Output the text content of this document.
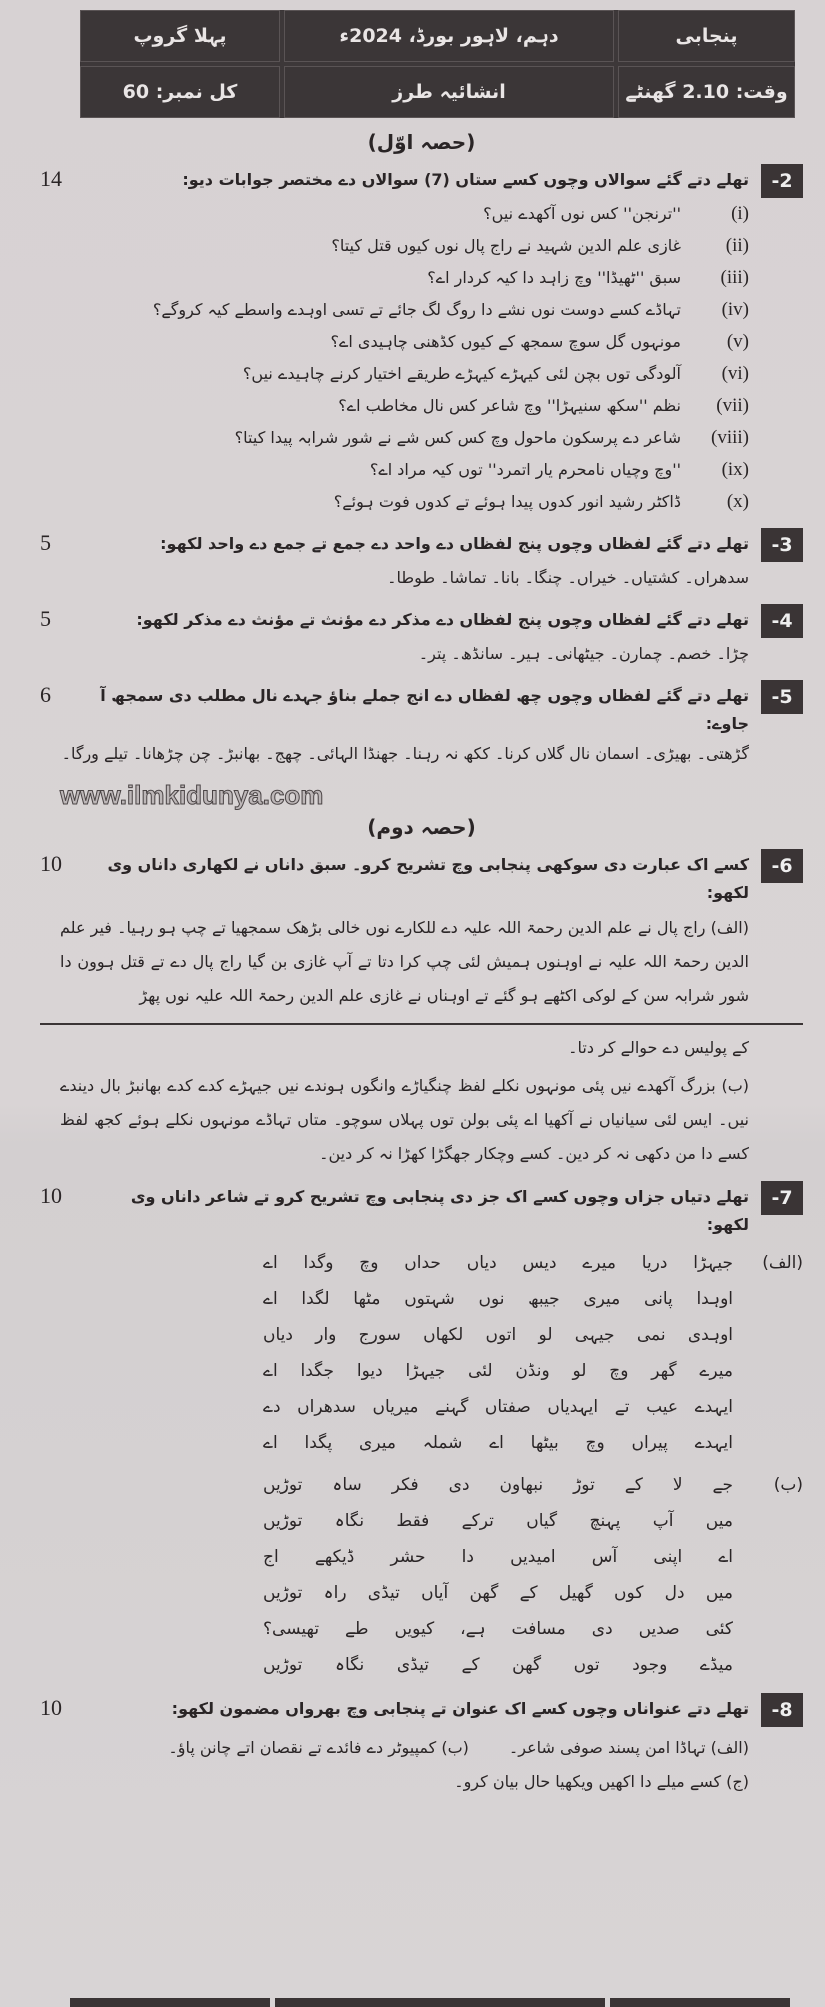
پہلا گروپ	دہم، لاہور بورڈ، 2024ء	پنجابی
کل نمبر: 60	انشائیہ طرز	وقت: 2.10 گھنٹے
(حصہ اوّل)
-2
تھلے دتے گئے سوالاں وچوں کسے ستاں (7) سوالاں دے مختصر جوابات دیو:
14
(i)
''ترنجن'' کس نوں آکھدے نیں؟
(ii)
غازی علم الدین شہید نے راج پال نوں کیوں قتل کیتا؟
(iii)
سبق ''ٹھیڈا'' وچ زاہد دا کیہ کردار اے؟
(iv)
تہاڈے کسے دوست نوں نشے دا روگ لگ جائے تے تسی اوہدے واسطے کیہ کروگے؟
(v)
مونہوں گل سوچ سمجھ کے کیوں کڈھنی چاہیدی اے؟
(vi)
آلودگی توں بچن لئی کیہڑے کیہڑے طریقے اختیار کرنے چاہیدے نیں؟
(vii)
نظم ''سکھ سنیہڑا'' وچ شاعر کس نال مخاطب اے؟
(viii)
شاعر دے پرسکون ماحول وچ کس کس شے نے شور شرابہ پیدا کیتا؟
(ix)
''وچ وچیاں نامحرم یار اتمرد'' توں کیہ مراد اے؟
(x)
ڈاکٹر رشید انور کدوں پیدا ہوئے تے کدوں فوت ہوئے؟
-3
تھلے دتے گئے لفظاں وچوں پنج لفظاں دے واحد دے جمع تے جمع دے واحد لکھو:
5
سدھراں۔ کشتیاں۔ خیراں۔ چنگا۔ بانا۔ تماشا۔ طوطا۔
-4
تھلے دتے گئے لفظاں وچوں پنج لفظاں دے مذکر دے مؤنث تے مؤنث دے مذکر لکھو:
5
چڑا۔ خصم۔ چمارن۔ جیٹھانی۔ ہیر۔ سانڈھ۔ پتر۔
-5
تھلے دتے گئے لفظاں وچوں چھ لفظاں دے انج جملے بناؤ جہدے نال مطلب دی سمجھ آ جاوے:
6
گڑھتی۔ بھیڑی۔ اسمان نال گلاں کرنا۔ ککھ نہ رہنا۔ جھنڈا الہائی۔ چھج۔ بھانبڑ۔ چن چڑھانا۔ تیلے ورگا۔
www.ilmkidunya.com
(حصہ دوم)
-6
کسے اک عبارت دی سوکھی پنجابی وچ تشریح کرو۔ سبق داناں نے لکھاری داناں وی لکھو:
10
(الف) راج پال نے علم الدین رحمۃ اللہ علیہ دے للکارے نوں خالی بڑھک سمجھیا تے چپ ہو رہیا۔ فیر علم الدین رحمۃ اللہ علیہ نے اوہنوں ہمیش لئی چپ کرا دتا تے آپ غازی بن گیا راج پال دے تے قتل ہوون دا شور شرابہ سن کے لوکی اکٹھے ہو گئے تے اوہناں نے غازی علم الدین رحمۃ اللہ علیہ نوں پھڑ
کے پولیس دے حوالے کر دتا۔
(ب) بزرگ آکھدے نیں پئی مونہوں نکلے لفظ چنگیاڑے وانگوں ہوندے نیں جیہڑے کدے کدے بھانبڑ بال دیندے نیں۔ ایس لئی سیانیاں نے آکھیا اے پئی بولن توں پہلاں سوچو۔ متاں تہاڈے مونہوں نکلے ہوئے کجھ لفظ کسے دا من دکھی نہ کر دین۔ کسے وچکار جھگڑا کھڑا نہ کر دین۔
-7
تھلے دتیاں جزاں وچوں کسے اک جز دی پنجابی وچ تشریح کرو تے شاعر داناں وی لکھو:
10
(الف)
جیہڑا دریا میرے دیس دیاں حداں وچ وگدا اے
اوہدا پانی میری جیبھ نوں شہتوں مٹھا لگدا اے
اوہدی نمی جیہی لو اتوں لکھاں سورج وار دیاں
میرے گھر وچ لو ونڈن لئی جیہڑا دیوا جگدا اے
ایہدے عیب تے ایہدیاں صفتاں گہنے میریاں سدھراں دے
ایہدے پیراں وچ بیٹھا اے شملہ میری پگدا اے
(ب)
جے لا کے توڑ نبھاون دی فکر ساہ توڑیں
میں آپ پہنچ گیاں ترکے فقط نگاہ توڑیں
اے اپنی آس امیدیں دا حشر ڈیکھے اج
میں دل کوں گھیل کے گھن آیاں تیڈی راہ توڑیں
کئی صدیں دی مسافت ہے، کیویں طے تھیسی؟
میڈے وجود توں گھن کے تیڈی نگاہ توڑیں
-8
تھلے دتے عنواناں وچوں کسے اک عنوان تے پنجابی وچ بھرواں مضمون لکھو:
10
(الف) تہاڈا امن پسند صوفی شاعر۔
(ب) کمپیوٹر دے فائدے تے نقصان اتے چانن پاؤ۔
(ج) کسے میلے دا اکھیں ویکھیا حال بیان کرو۔
